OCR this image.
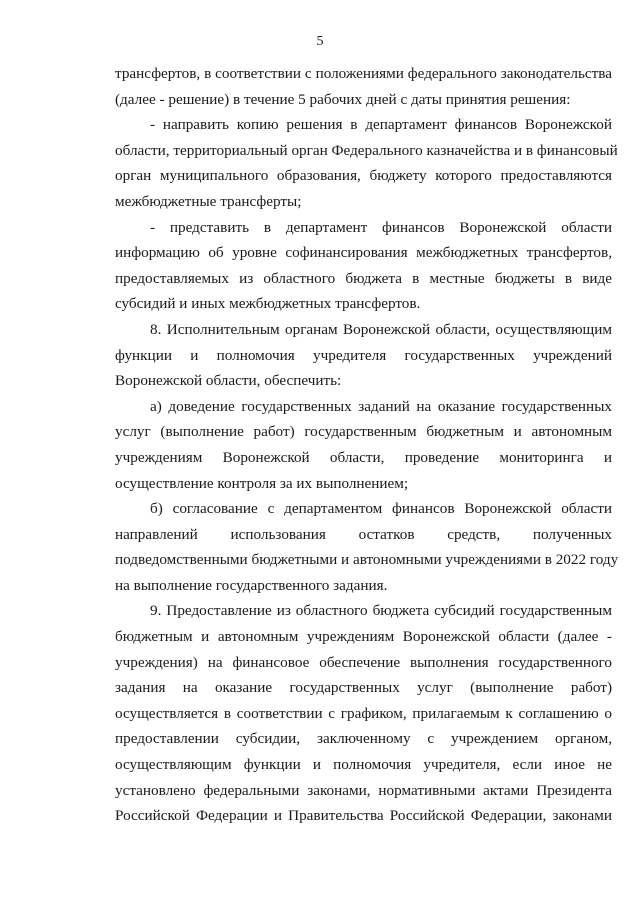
5
трансфертов, в соответствии с положениями федерального законодательства
(далее - решение) в течение 5 рабочих дней с даты принятия решения:
- направить копию решения в департамент финансов Воронежской
области, территориальный орган Федерального казначейства и в финансовый
орган муниципального образования, бюджету которого предоставляются
межбюджетные трансферты;
- представить в департамент финансов Воронежской области
информацию об уровне софинансирования межбюджетных трансфертов,
предоставляемых из областного бюджета в местные бюджеты в виде
субсидий и иных межбюджетных трансфертов.
8. Исполнительным органам Воронежской области, осуществляющим
функции и полномочия учредителя государственных учреждений
Воронежской области, обеспечить:
а) доведение государственных заданий на оказание государственных
услуг (выполнение работ) государственным бюджетным и автономным
учреждениям Воронежской области, проведение мониторинга и
осуществление контроля за их выполнением;
б) согласование с департаментом финансов Воронежской области
направлений использования остатков средств, полученных
подведомственными бюджетными и автономными учреждениями в 2022 году
на выполнение государственного задания.
9. Предоставление из областного бюджета субсидий государственным
бюджетным и автономным учреждениям Воронежской области (далее -
учреждения) на финансовое обеспечение выполнения государственного
задания на оказание государственных услуг (выполнение работ)
осуществляется в соответствии с графиком, прилагаемым к соглашению о
предоставлении субсидии, заключенному с учреждением органом,
осуществляющим функции и полномочия учредителя, если иное не
установлено федеральными законами, нормативными актами Президента
Российской Федерации и Правительства Российской Федерации, законами
